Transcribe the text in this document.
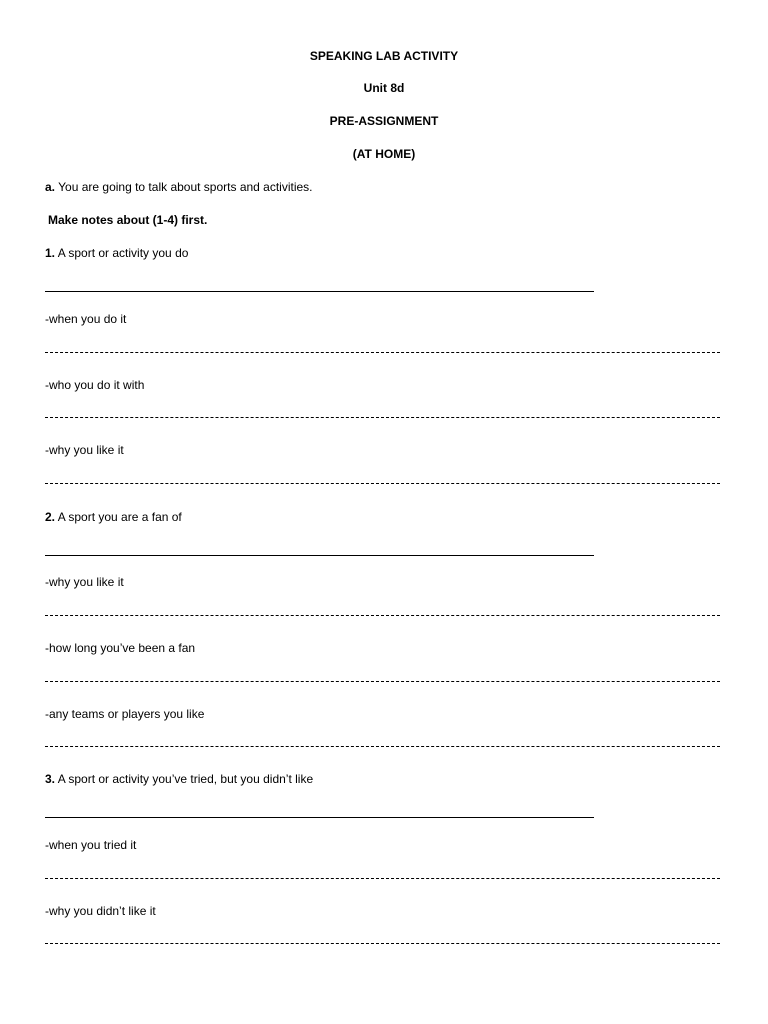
SPEAKING LAB ACTIVITY
Unit 8d
PRE-ASSIGNMENT
(AT HOME)
a. You are going to talk about sports and activities.
Make notes about (1-4) first.
1. A sport or activity you do
-when you do it
-who you do it with
-why you like it
2. A sport you are a fan of
-why you like it
-how long you’ve been a fan
-any teams or players you like
3. A sport or activity you’ve tried, but you didn’t like
-when you tried it
-why you didn’t like it
